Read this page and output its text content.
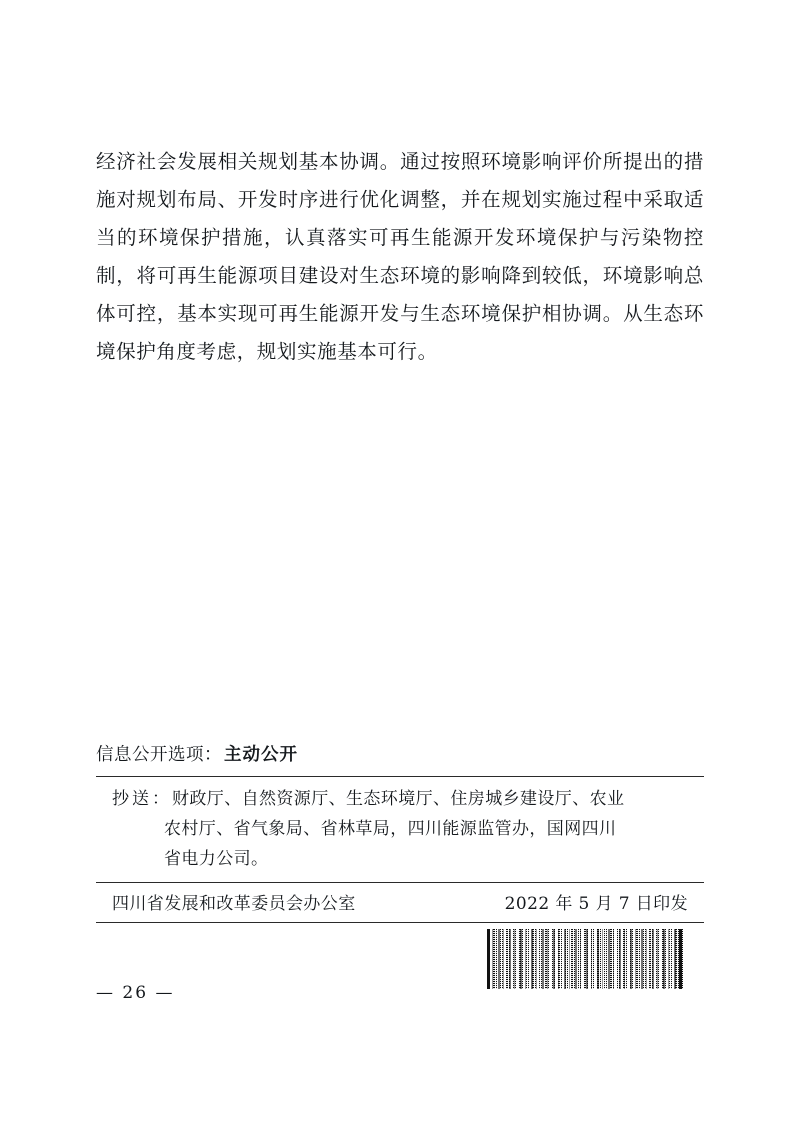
经济社会发展相关规划基本协调。通过按照环境影响评价所提出的措施对规划布局、开发时序进行优化调整，并在规划实施过程中采取适当的环境保护措施，认真落实可再生能源开发环境保护与污染物控制，将可再生能源项目建设对生态环境的影响降到较低，环境影响总体可控，基本实现可再生能源开发与生态环境保护相协调。从生态环境保护角度考虑，规划实施基本可行。

信息公开选项： 主动公开
抄送：财政厅、自然资源厅、生态环境厅、住房城乡建设厅、农业
农村厅、省气象局、省林草局，四川能源监管办，国网四川
省电力公司。
四川省发展和改革委员会办公室	2022 年 5 月 7 日印发
— 26 —
